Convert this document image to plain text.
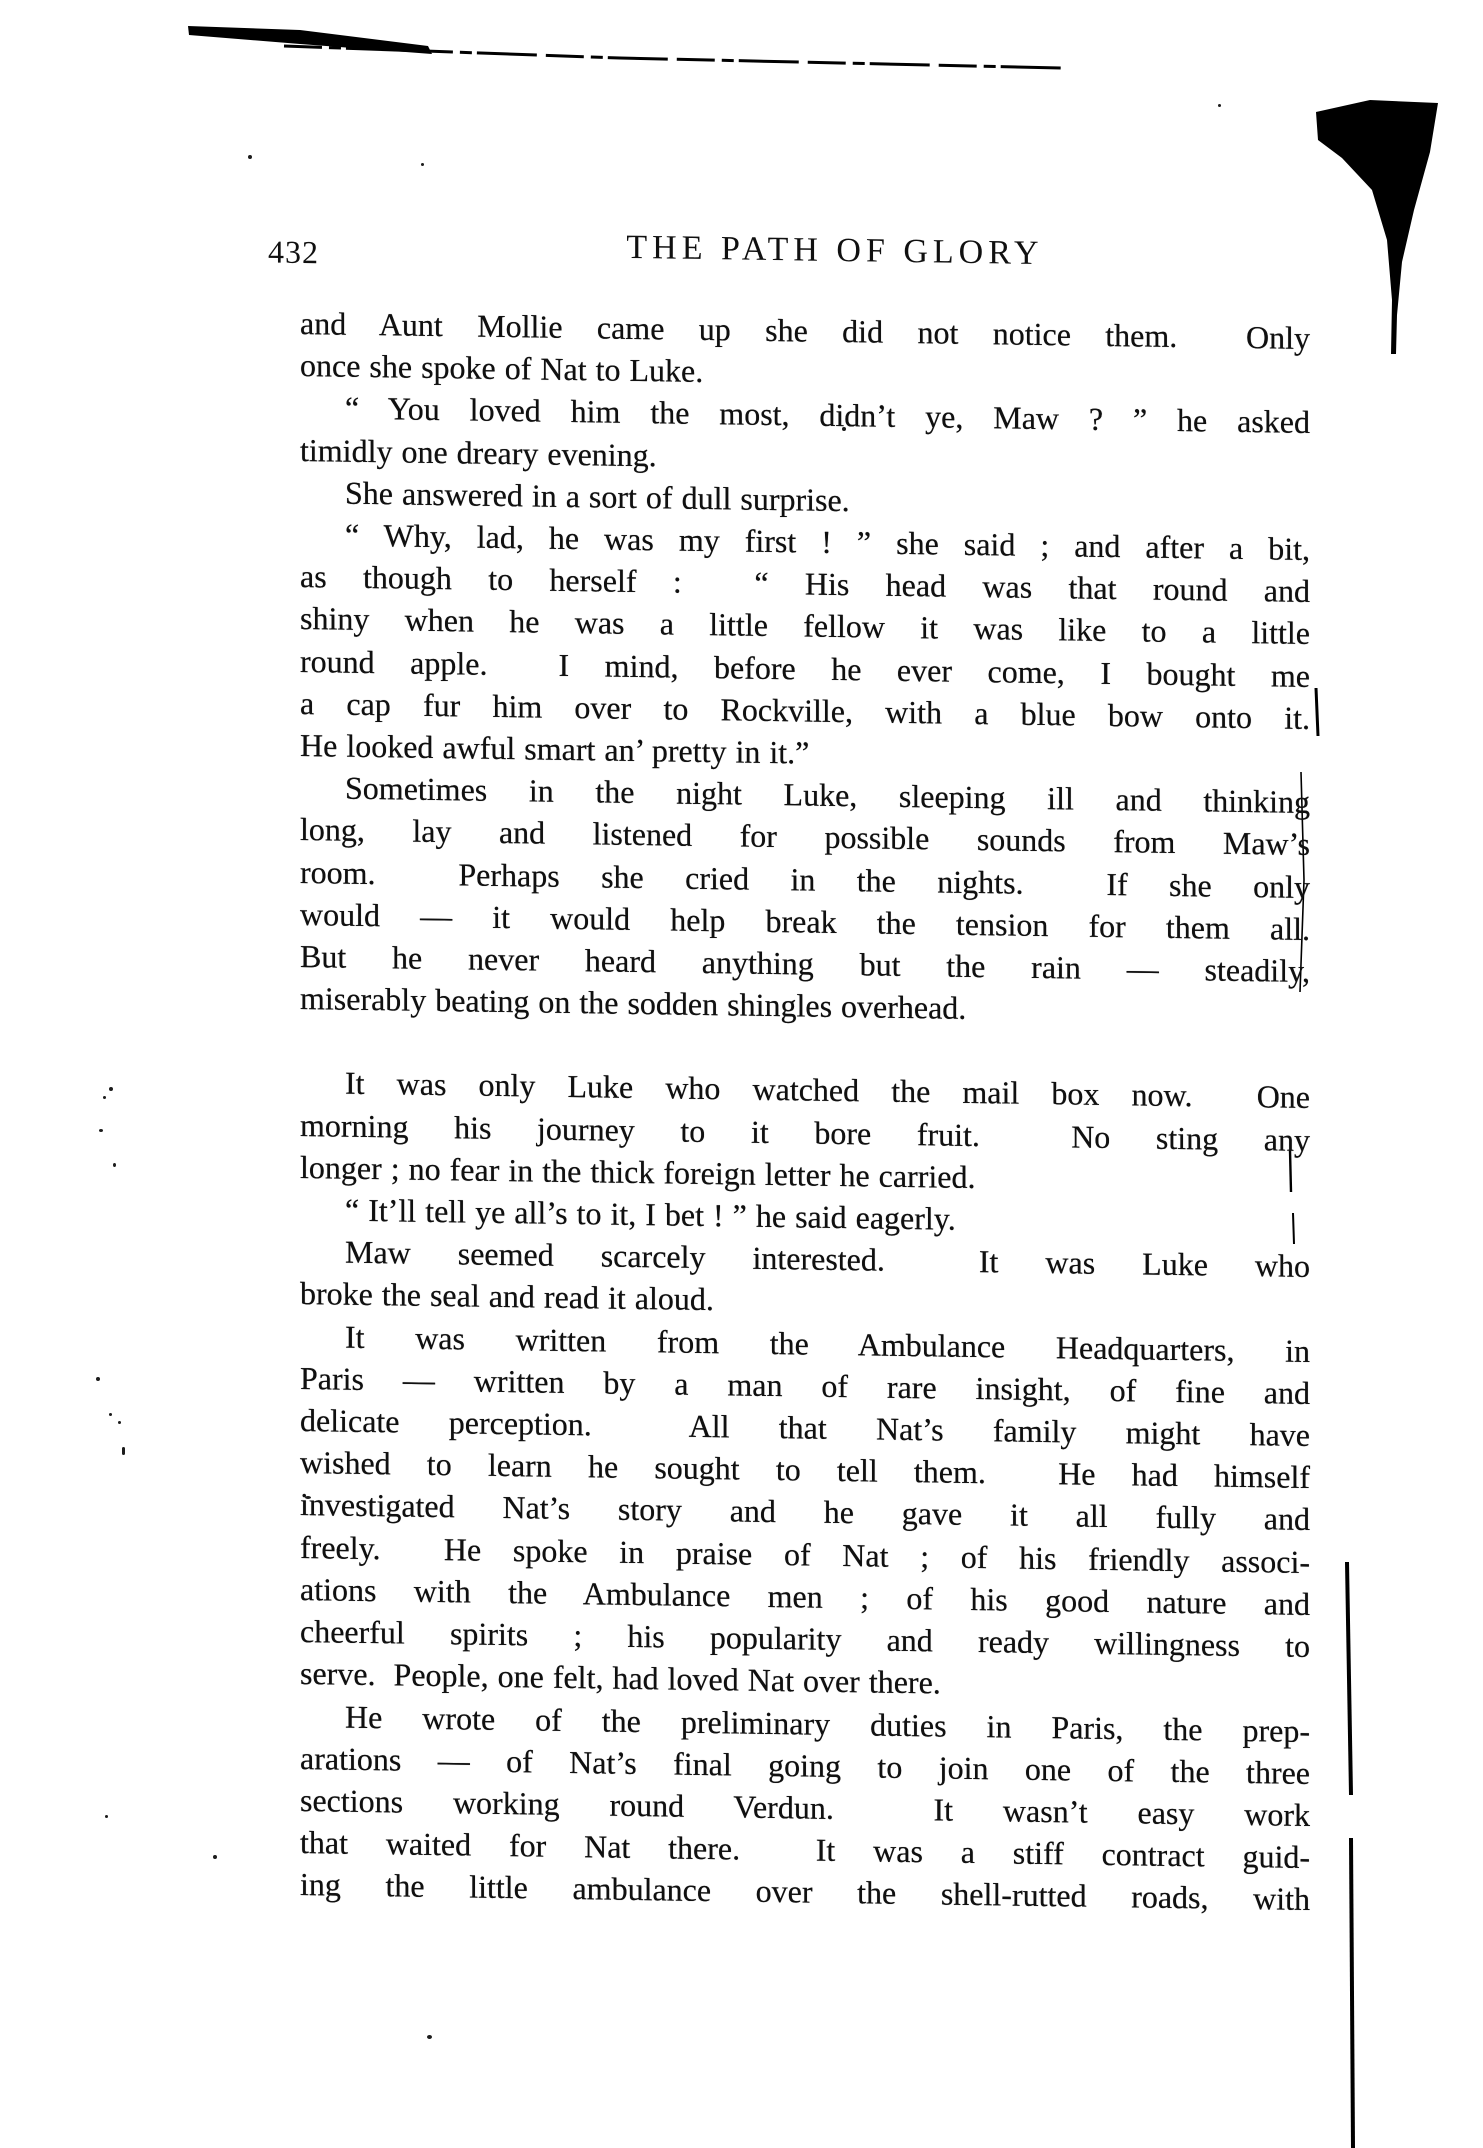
432	THE PATH OF GLORY
and Aunt Mollie came up she did not notice them.  Only
once she spoke of Nat to Luke.
“ You loved him the most, didn’t ye, Maw ? ” he asked
timidly one dreary evening.
She answered in a sort of dull surprise.
“ Why, lad, he was my first ! ” she said ; and after a bit,
as though to herself :  “ His head was that round and
shiny when he was a little fellow it was like to a little
round apple.  I mind, before he ever come, I bought me
a cap fur him over to Rockville, with a blue bow onto it.
He looked awful smart an’ pretty in it.”
Sometimes in the night Luke, sleeping ill and thinking
long, lay and listened for possible sounds from Maw’s
room.  Perhaps she cried in the nights.  If she only
would — it would help break the tension for them all.
But he never heard anything but the rain — steadily,
miserably beating on the sodden shingles overhead.
It was only Luke who watched the mail box now.  One
morning his journey to it bore fruit.  No sting any
longer ; no fear in the thick foreign letter he carried.
“ It’ll tell ye all’s to it, I bet ! ” he said eagerly.
Maw seemed scarcely interested.  It was Luke who
broke the seal and read it aloud.
It was written from the Ambulance Headquarters, in
Paris — written by a man of rare insight, of fine and
delicate perception.  All that Nat’s family might have
wished to learn he sought to tell them.  He had himself
investigated Nat’s story and he gave it all fully and
freely.  He spoke in praise of Nat ; of his friendly associ-
ations with the Ambulance men ; of his good nature and
cheerful spirits ; his popularity and ready willingness to
serve.  People, one felt, had loved Nat over there.
He wrote of the preliminary duties in Paris, the prep-
arations — of Nat’s final going to join one of the three
sections working round Verdun.  It wasn’t easy work
that waited for Nat there.  It was a stiff contract guid-
ing the little ambulance over the shell-rutted roads, with
